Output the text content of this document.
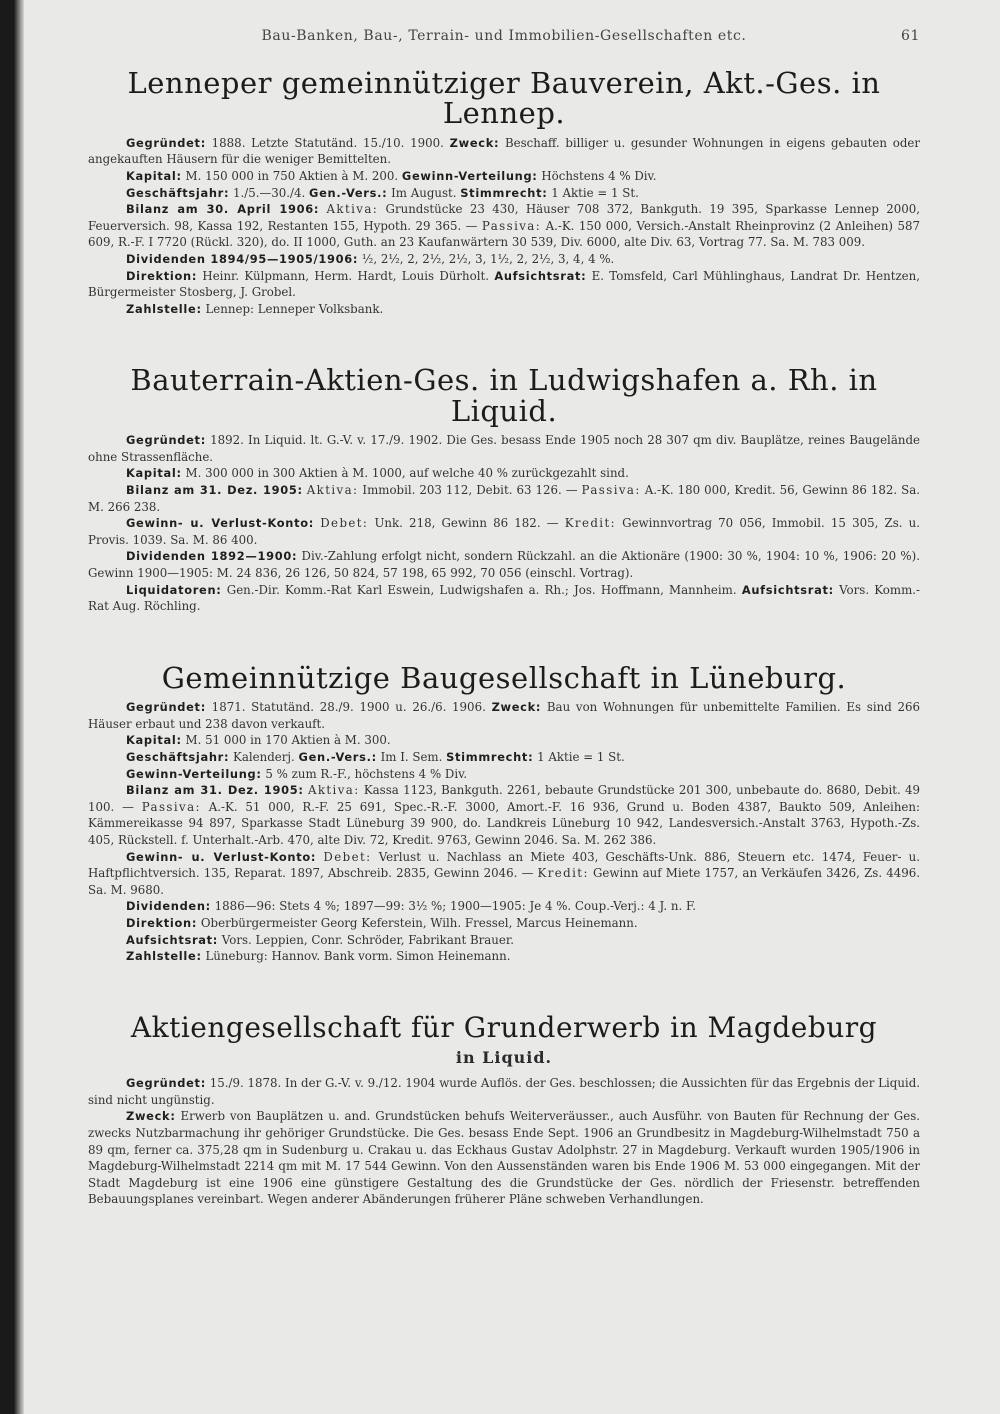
Bau-Banken, Bau-, Terrain- und Immobilien-Gesellschaften etc.	61
Lenneper gemeinnütziger Bauverein, Akt.-Ges. in Lennep.

Gegründet: 1888. Letzte Statutänd. 15./10. 1900. Zweck: Beschaff. billiger u. gesunder Wohnungen in eigens gebauten oder angekauften Häusern für die weniger Bemittelten.

Kapital: M. 150 000 in 750 Aktien à M. 200. Gewinn-Verteilung: Höchstens 4 % Div.

Geschäftsjahr: 1./5.—30./4. Gen.-Vers.: Im August. Stimmrecht: 1 Aktie = 1 St.

Bilanz am 30. April 1906: Aktiva: Grundstücke 23 430, Häuser 708 372, Bankguth. 19 395, Sparkasse Lennep 2000, Feuerversich. 98, Kassa 192, Restanten 155, Hypoth. 29 365. — Passiva: A.-K. 150 000, Versich.-Anstalt Rheinprovinz (2 Anleihen) 587 609, R.-F. I 7720 (Rückl. 320), do. II 1000, Guth. an 23 Kaufanwärtern 30 539, Div. 6000, alte Div. 63, Vortrag 77. Sa. M. 783 009.

Dividenden 1894/95—1905/1906: ½, 2½, 2, 2½, 2½, 3, 1½, 2, 2½, 3, 4, 4 %.

Direktion: Heinr. Külpmann, Herm. Hardt, Louis Dürholt. Aufsichtsrat: E. Tomsfeld, Carl Mühlinghaus, Landrat Dr. Hentzen, Bürgermeister Stosberg, J. Grobel.

Zahlstelle: Lennep: Lenneper Volksbank.

Bauterrain-Aktien-Ges. in Ludwigshafen a. Rh. in Liquid.

Gegründet: 1892. In Liquid. lt. G.-V. v. 17./9. 1902. Die Ges. besass Ende 1905 noch 28 307 qm div. Bauplätze, reines Baugelände ohne Strassenfläche.

Kapital: M. 300 000 in 300 Aktien à M. 1000, auf welche 40 % zurückgezahlt sind.

Bilanz am 31. Dez. 1905: Aktiva: Immobil. 203 112, Debit. 63 126. — Passiva: A.-K. 180 000, Kredit. 56, Gewinn 86 182. Sa. M. 266 238.

Gewinn- u. Verlust-Konto: Debet: Unk. 218, Gewinn 86 182. — Kredit: Gewinnvortrag 70 056, Immobil. 15 305, Zs. u. Provis. 1039. Sa. M. 86 400.

Dividenden 1892—1900: Div.-Zahlung erfolgt nicht, sondern Rückzahl. an die Aktionäre (1900: 30 %, 1904: 10 %, 1906: 20 %). Gewinn 1900—1905: M. 24 836, 26 126, 50 824, 57 198, 65 992, 70 056 (einschl. Vortrag).

Liquidatoren: Gen.-Dir. Komm.-Rat Karl Eswein, Ludwigshafen a. Rh.; Jos. Hoffmann, Mannheim. Aufsichtsrat: Vors. Komm.-Rat Aug. Röchling.

Gemeinnützige Baugesellschaft in Lüneburg.

Gegründet: 1871. Statutänd. 28./9. 1900 u. 26./6. 1906. Zweck: Bau von Wohnungen für unbemittelte Familien. Es sind 266 Häuser erbaut und 238 davon verkauft.

Kapital: M. 51 000 in 170 Aktien à M. 300.

Geschäftsjahr: Kalenderj. Gen.-Vers.: Im I. Sem. Stimmrecht: 1 Aktie = 1 St.

Gewinn-Verteilung: 5 % zum R.-F., höchstens 4 % Div.

Bilanz am 31. Dez. 1905: Aktiva: Kassa 1123, Bankguth. 2261, bebaute Grundstücke 201 300, unbebaute do. 8680, Debit. 49 100. — Passiva: A.-K. 51 000, R.-F. 25 691, Spec.-R.-F. 3000, Amort.-F. 16 936, Grund u. Boden 4387, Baukto 509, Anleihen: Kämmereikasse 94 897, Sparkasse Stadt Lüneburg 39 900, do. Landkreis Lüneburg 10 942, Landesversich.-Anstalt 3763, Hypoth.-Zs. 405, Rückstell. f. Unterhalt.-Arb. 470, alte Div. 72, Kredit. 9763, Gewinn 2046. Sa. M. 262 386.

Gewinn- u. Verlust-Konto: Debet: Verlust u. Nachlass an Miete 403, Geschäfts-Unk. 886, Steuern etc. 1474, Feuer- u. Haftpflichtversich. 135, Reparat. 1897, Abschreib. 2835, Gewinn 2046. — Kredit: Gewinn auf Miete 1757, an Verkäufen 3426, Zs. 4496. Sa. M. 9680.

Dividenden: 1886—96: Stets 4 %; 1897—99: 3½ %; 1900—1905: Je 4 %. Coup.-Verj.: 4 J. n. F.

Direktion: Oberbürgermeister Georg Keferstein, Wilh. Fressel, Marcus Heinemann.

Aufsichtsrat: Vors. Leppien, Conr. Schröder, Fabrikant Brauer.

Zahlstelle: Lüneburg: Hannov. Bank vorm. Simon Heinemann.

Aktiengesellschaft für Grunderwerb in Magdeburg
in Liquid.

Gegründet: 15./9. 1878. In der G.-V. v. 9./12. 1904 wurde Auflös. der Ges. beschlossen; die Aussichten für das Ergebnis der Liquid. sind nicht ungünstig.

Zweck: Erwerb von Bauplätzen u. and. Grundstücken behufs Weiterveräusser., auch Ausführ. von Bauten für Rechnung der Ges. zwecks Nutzbarmachung ihr gehöriger Grundstücke. Die Ges. besass Ende Sept. 1906 an Grundbesitz in Magdeburg-Wilhelmstadt 750 a 89 qm, ferner ca. 375,28 qm in Sudenburg u. Crakau u. das Eckhaus Gustav Adolphstr. 27 in Magdeburg. Verkauft wurden 1905/1906 in Magdeburg-Wilhelmstadt 2214 qm mit M. 17 544 Gewinn. Von den Aussenständen waren bis Ende 1906 M. 53 000 eingegangen. Mit der Stadt Magdeburg ist eine 1906 eine günstigere Gestaltung des die Grundstücke der Ges. nördlich der Friesenstr. betreffenden Bebauungsplanes vereinbart. Wegen anderer Abänderungen früherer Pläne schweben Verhandlungen.
